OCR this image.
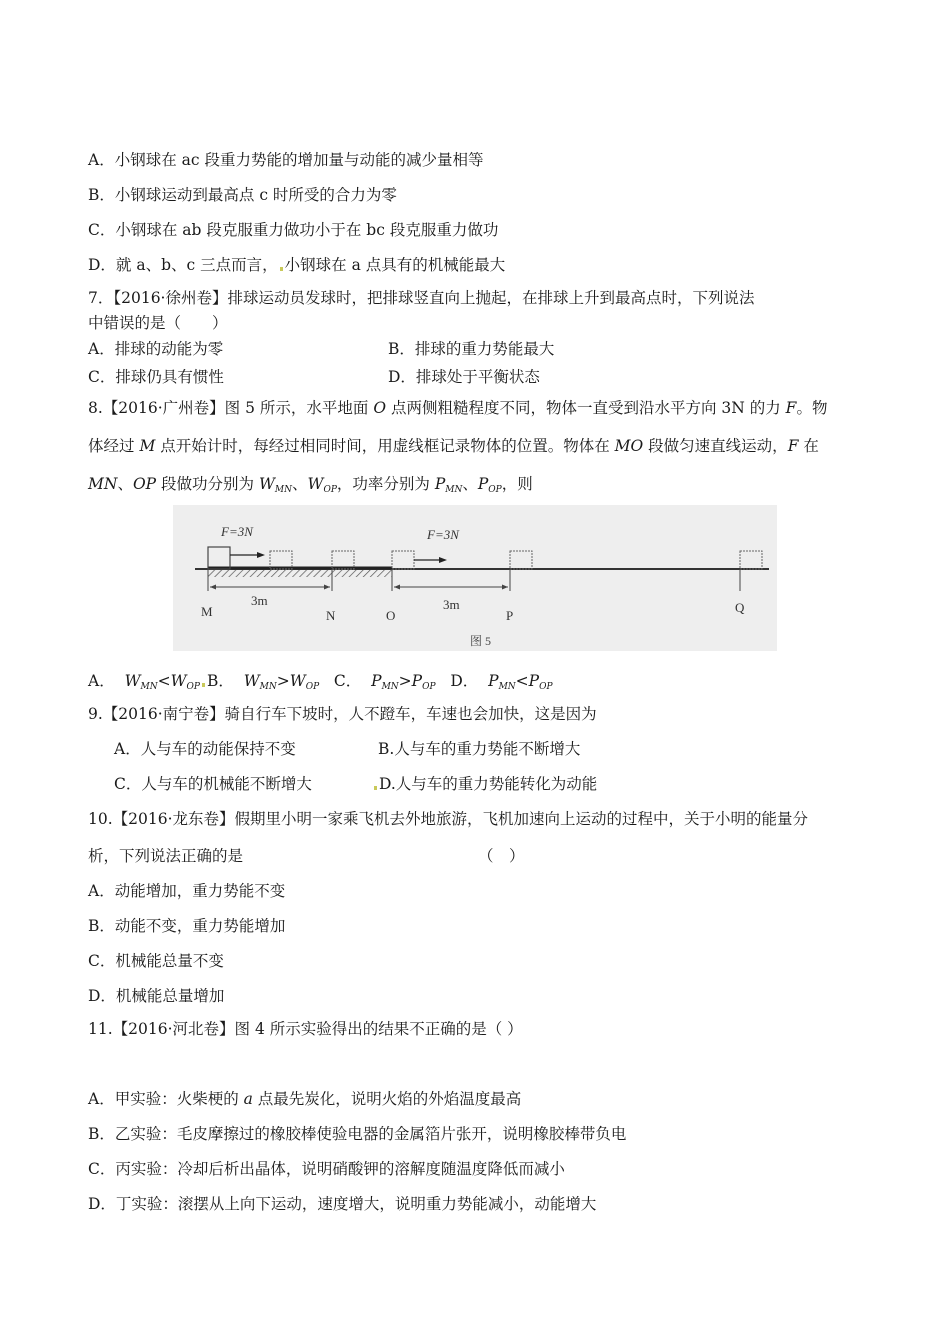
A．小钢球在 ac 段重力势能的增加量与动能的减少量相等
B．小钢球运动到最高点 c 时所受的合力为零
C．小钢球在 ab 段克服重力做功小于在 bc 段克服重力做功
D．就 a、b、c 三点而言， 小钢球在 a 点具有的机械能最大
7．【2016·徐州卷】排球运动员发球时，把排球竖直向上抛起，在排球上升到最高点时，下列说法
中错误的是（　　）
A．排球的动能为零	B．排球的重力势能最大
C．排球仍具有惯性	D．排球处于平衡状态
8.【2016·广州卷】图 5 所示，水平地面 O 点两侧粗糙程度不同，物体一直受到沿水平方向 3N 的力 F。物
体经过 M 点开始计时，每经过相同时间，用虚线框记录物体的位置。物体在 MO 段做匀速直线运动，F 在
MN、OP 段做功分别为 $W_{MN}$、$W_{OP}$，功率分别为 $P_{MN}$、$P_{OP}$，则
F=3N	F=3N
3m	3m
M	N	O	P
Q
图 5
A． $W_{MN}<W_{OP}$ B． $W_{MN}>W_{OP}$ C． $P_{MN}>P_{OP}$ D． $P_{MN}<P_{OP}$
9.【2016·南宁卷】骑自行车下坡时，人不蹬车，车速也会加快，这是因为
A．人与车的动能保持不变	B.人与车的重力势能不断增大
C．人与车的机械能不断增大	D.人与车的重力势能转化为动能
10.【2016·龙东卷】假期里小明一家乘飞机去外地旅游，飞机加速向上运动的过程中，关于小明的能量分
析，下列说法正确的是	（　）
A．动能增加，重力势能不变
B．动能不变，重力势能增加
C．机械能总量不变
D．机械能总量增加
11.【2016·河北卷】图 4 所示实验得出的结果不正确的是（ ）
A．甲实验：火柴梗的 a 点最先炭化，说明火焰的外焰温度最高
B．乙实验：毛皮摩擦过的橡胶棒使验电器的金属箔片张开，说明橡胶棒带负电
C．丙实验：冷却后析出晶体，说明硝酸钾的溶解度随温度降低而减小
D．丁实验：滚摆从上向下运动，速度增大，说明重力势能减小，动能增大
